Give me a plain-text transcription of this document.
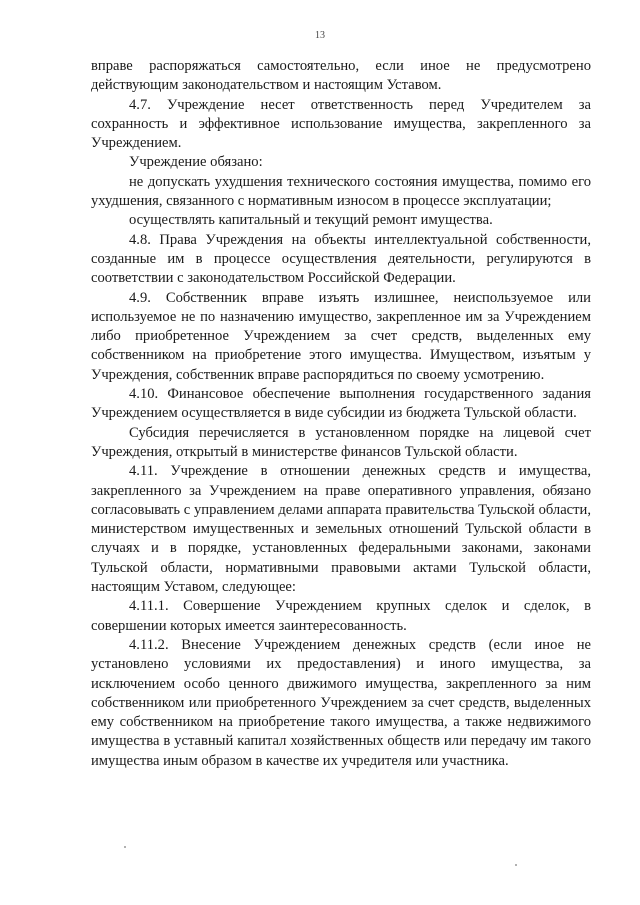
13

вправе распоряжаться самостоятельно, если иное не предусмотрено действующим законодательством и настоящим Уставом.

4.7. Учреждение несет ответственность перед Учредителем за сохранность и эффективное использование имущества, закрепленного за Учреждением.

Учреждение обязано:

не допускать ухудшения технического состояния имущества, помимо его ухудшения, связанного с нормативным износом в процессе эксплуатации;

осуществлять капитальный и текущий ремонт имущества.

4.8. Права Учреждения на объекты интеллектуальной собственности, созданные им в процессе осуществления деятельности, регулируются в соответствии с законодательством Российской Федерации.

4.9. Собственник вправе изъять излишнее, неиспользуемое или используемое не по назначению имущество, закрепленное им за Учреждением либо приобретенное Учреждением за счет средств, выделенных ему собственником на приобретение этого имущества. Имуществом, изъятым у Учреждения, собственник вправе распорядиться по своему усмотрению.

4.10. Финансовое обеспечение выполнения государственного задания Учреждением осуществляется в виде субсидии из бюджета Тульской области.

Субсидия перечисляется в установленном порядке на лицевой счет Учреждения, открытый в министерстве финансов Тульской области.

4.11. Учреждение в отношении денежных средств и имущества, закрепленного за Учреждением на праве оперативного управления, обязано согласовывать с управлением делами аппарата правительства Тульской области, министерством имущественных и земельных отношений Тульской области в случаях и в порядке, установленных федеральными законами, законами Тульской области, нормативными правовыми актами Тульской области, настоящим Уставом, следующее:

4.11.1. Совершение Учреждением крупных сделок и сделок, в совершении которых имеется заинтересованность.

4.11.2. Внесение Учреждением денежных средств (если иное не установлено условиями их предоставления) и иного имущества, за исключением особо ценного движимого имущества, закрепленного за ним собственником или приобретенного Учреждением за счет средств, выделенных ему собственником на приобретение такого имущества, а также недвижимого имущества в уставный капитал хозяйственных обществ или передачу им такого имущества иным образом в качестве их учредителя или участника.
